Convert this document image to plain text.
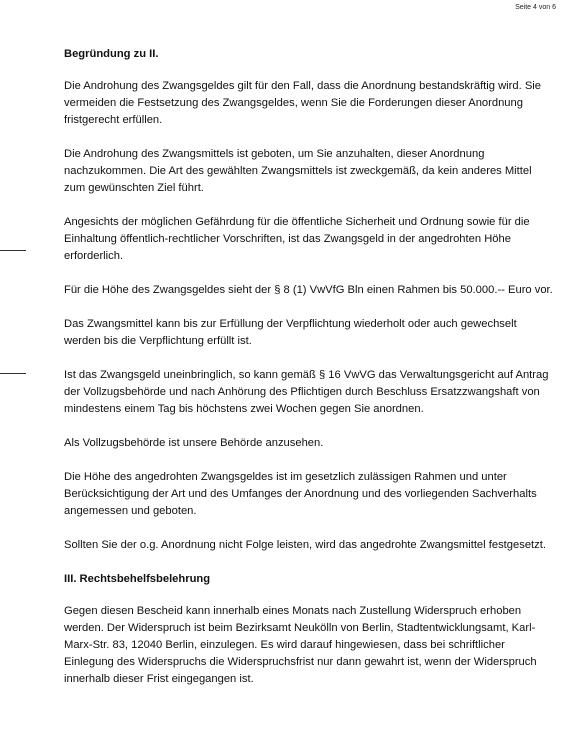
Seite 4 von 6
Begründung zu II.

Die Androhung des Zwangsgeldes gilt für den Fall, dass die Anordnung bestandskräftig wird. Sie vermeiden die Festsetzung des Zwangsgeldes, wenn Sie die Forderungen dieser Anordnung fristgerecht erfüllen.

Die Androhung des Zwangsmittels ist geboten, um Sie anzuhalten, dieser Anordnung nachzukommen. Die Art des gewählten Zwangsmittels ist zweckgemäß, da kein anderes Mittel zum gewünschten Ziel führt.

Angesichts der möglichen Gefährdung für die öffentliche Sicherheit und Ordnung sowie für die Einhaltung öffentlich-rechtlicher Vorschriften, ist das Zwangsgeld in der angedrohten Höhe erforderlich.

Für die Höhe des Zwangsgeldes sieht der § 8 (1) VwVfG Bln einen Rahmen bis 50.000.-- Euro vor.

Das Zwangsmittel kann bis zur Erfüllung der Verpflichtung wiederholt oder auch gewechselt werden bis die Verpflichtung erfüllt ist.

Ist das Zwangsgeld uneinbringlich, so kann gemäß § 16 VwVG das Verwaltungsgericht auf Antrag der Vollzugsbehörde und nach Anhörung des Pflichtigen durch Beschluss Ersatzzwangshaft von mindestens einem Tag bis höchstens zwei Wochen gegen Sie anordnen.

Als Vollzugsbehörde ist unsere Behörde anzusehen.

Die Höhe des angedrohten Zwangsgeldes ist im gesetzlich zulässigen Rahmen und unter Berücksichtigung der Art und des Umfanges der Anordnung und des vorliegenden Sachverhalts angemessen und geboten.

Sollten Sie der o.g. Anordnung nicht Folge leisten, wird das angedrohte Zwangsmittel festgesetzt.

III. Rechtsbehelfsbelehrung

Gegen diesen Bescheid kann innerhalb eines Monats nach Zustellung Widerspruch erhoben werden. Der Widerspruch ist beim Bezirksamt Neukölln von Berlin, Stadtentwicklungsamt, Karl-Marx-Str. 83, 12040 Berlin, einzulegen. Es wird darauf hingewiesen, dass bei schriftlicher Einlegung des Widerspruchs die Widerspruchsfrist nur dann gewahrt ist, wenn der Widerspruch innerhalb dieser Frist eingegangen ist.
